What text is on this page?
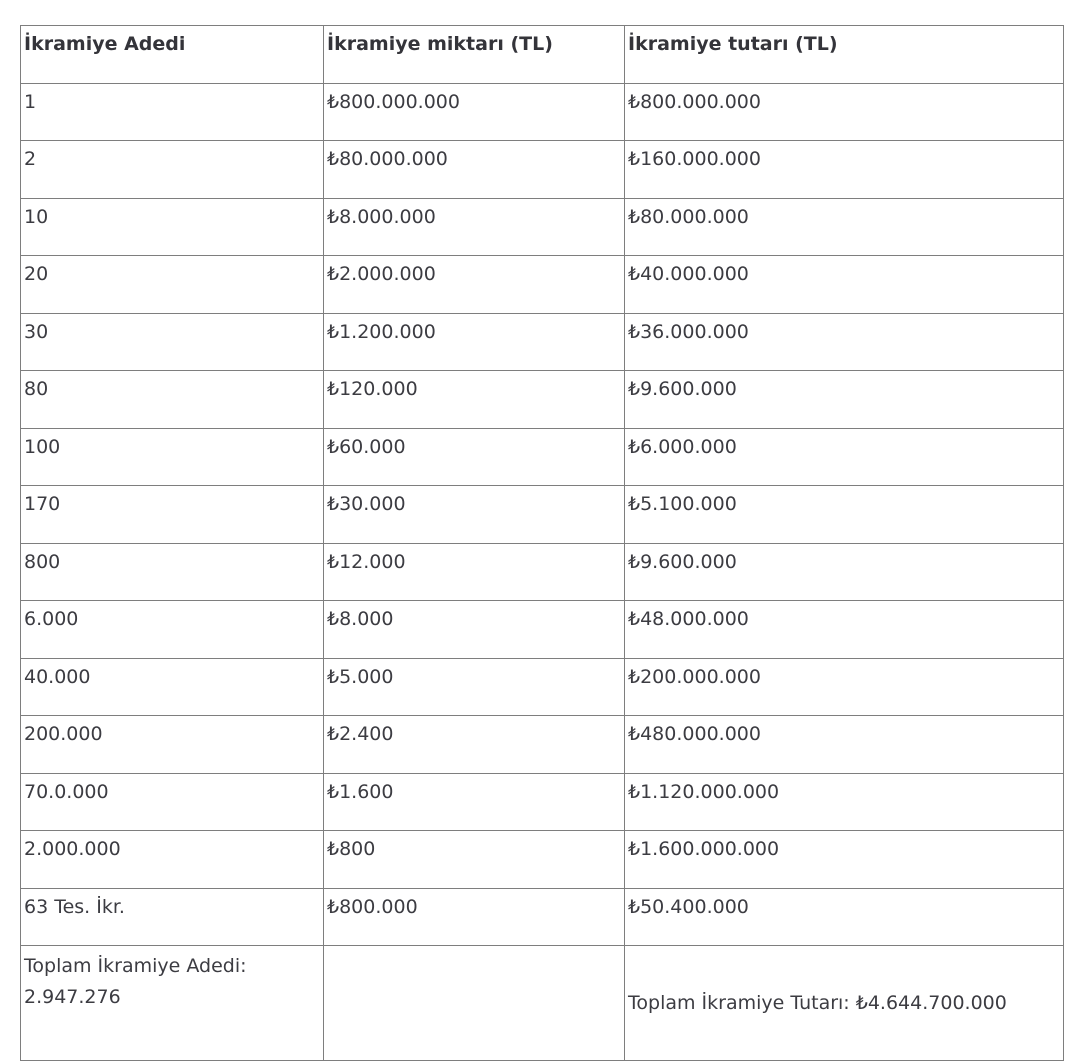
İkramiye Adedi	İkramiye miktarı (TL)	İkramiye tutarı (TL)
1	₺800.000.000	₺800.000.000
2	₺80.000.000	₺160.000.000
10	₺8.000.000	₺80.000.000
20	₺2.000.000	₺40.000.000
30	₺1.200.000	₺36.000.000
80	₺120.000	₺9.600.000
100	₺60.000	₺6.000.000
170	₺30.000	₺5.100.000
800	₺12.000	₺9.600.000
6.000	₺8.000	₺48.000.000
40.000	₺5.000	₺200.000.000
200.000	₺2.400	₺480.000.000
70.0.000	₺1.600	₺1.120.000.000
2.000.000	₺800	₺1.600.000.000
63 Tes. İkr.	₺800.000	₺50.400.000

Toplam İkramiye Adedi:
2.947.276		Toplam İkramiye Tutarı: ₺4.644.700.000
